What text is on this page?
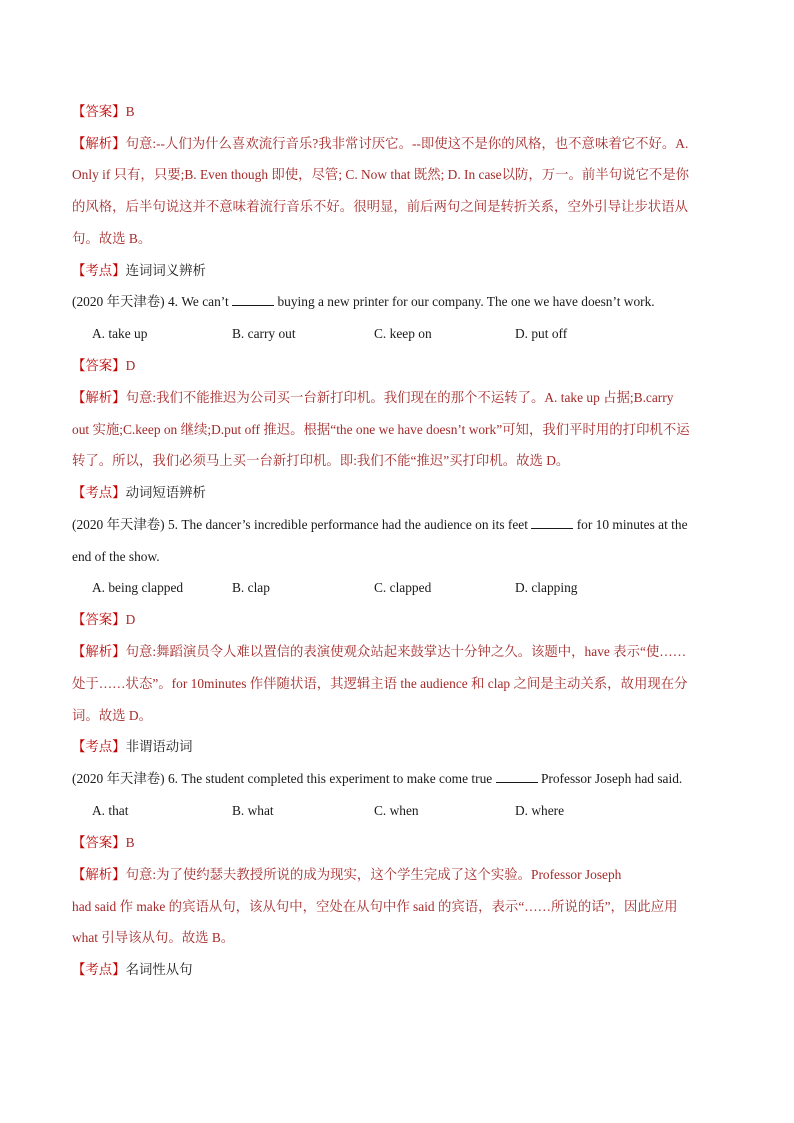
【答案】B
【解析】句意:--人们为什么喜欢流行音乐?我非常讨厌它。--即使这不是你的风格，也不意味着它不好。A.
Only if 只有，只要;B. Even though 即使，尽管; C. Now that 既然; D. In case以防，万一。前半句说它不是你
的风格，后半句说这并不意味着流行音乐不好。很明显，前后两句之间是转折关系，空外引导让步状语从
句。故选 B。
【考点】连词词义辨析
(2020 年天津卷) 4. We can’t	buying a new printer for our company. The one we have doesn’t work.
A. take up	B. carry out	C. keep on	D. put off
【答案】D
【解析】句意:我们不能推迟为公司买一台新打印机。我们现在的那个不运转了。A. take up 占据;B.carry
out 实施;C.keep on 继续;D.put off 推迟。根据“the one we have doesn’t work”可知，我们平时用的打印机不运
转了。所以，我们必须马上买一台新打印机。即:我们不能“推迟”买打印机。故选 D。
【考点】动词短语辨析
(2020 年天津卷) 5. The dancer’s incredible performance had the audience on its feet	for 10 minutes at the
end of the show.
A. being clapped	B. clap	C. clapped	D. clapping
【答案】D
【解析】句意:舞蹈演员令人难以置信的表演使观众站起来鼓掌达十分钟之久。该题中，have 表示“使……
处于……状态”。for 10minutes 作伴随状语，其逻辑主语 the audience 和 clap 之间是主动关系，故用现在分
词。故选 D。
【考点】非谓语动词
(2020 年天津卷) 6. The student completed this experiment to make come true	Professor Joseph had said.
A. that	B. what	C. when	D. where
【答案】B
【解析】句意:为了使约瑟夫教授所说的成为现实，这个学生完成了这个实验。Professor Joseph
had said 作 make 的宾语从句，该从句中，空处在从句中作 said 的宾语，表示“……所说的话”，因此应用
what 引导该从句。故选 B。
【考点】名词性从句
